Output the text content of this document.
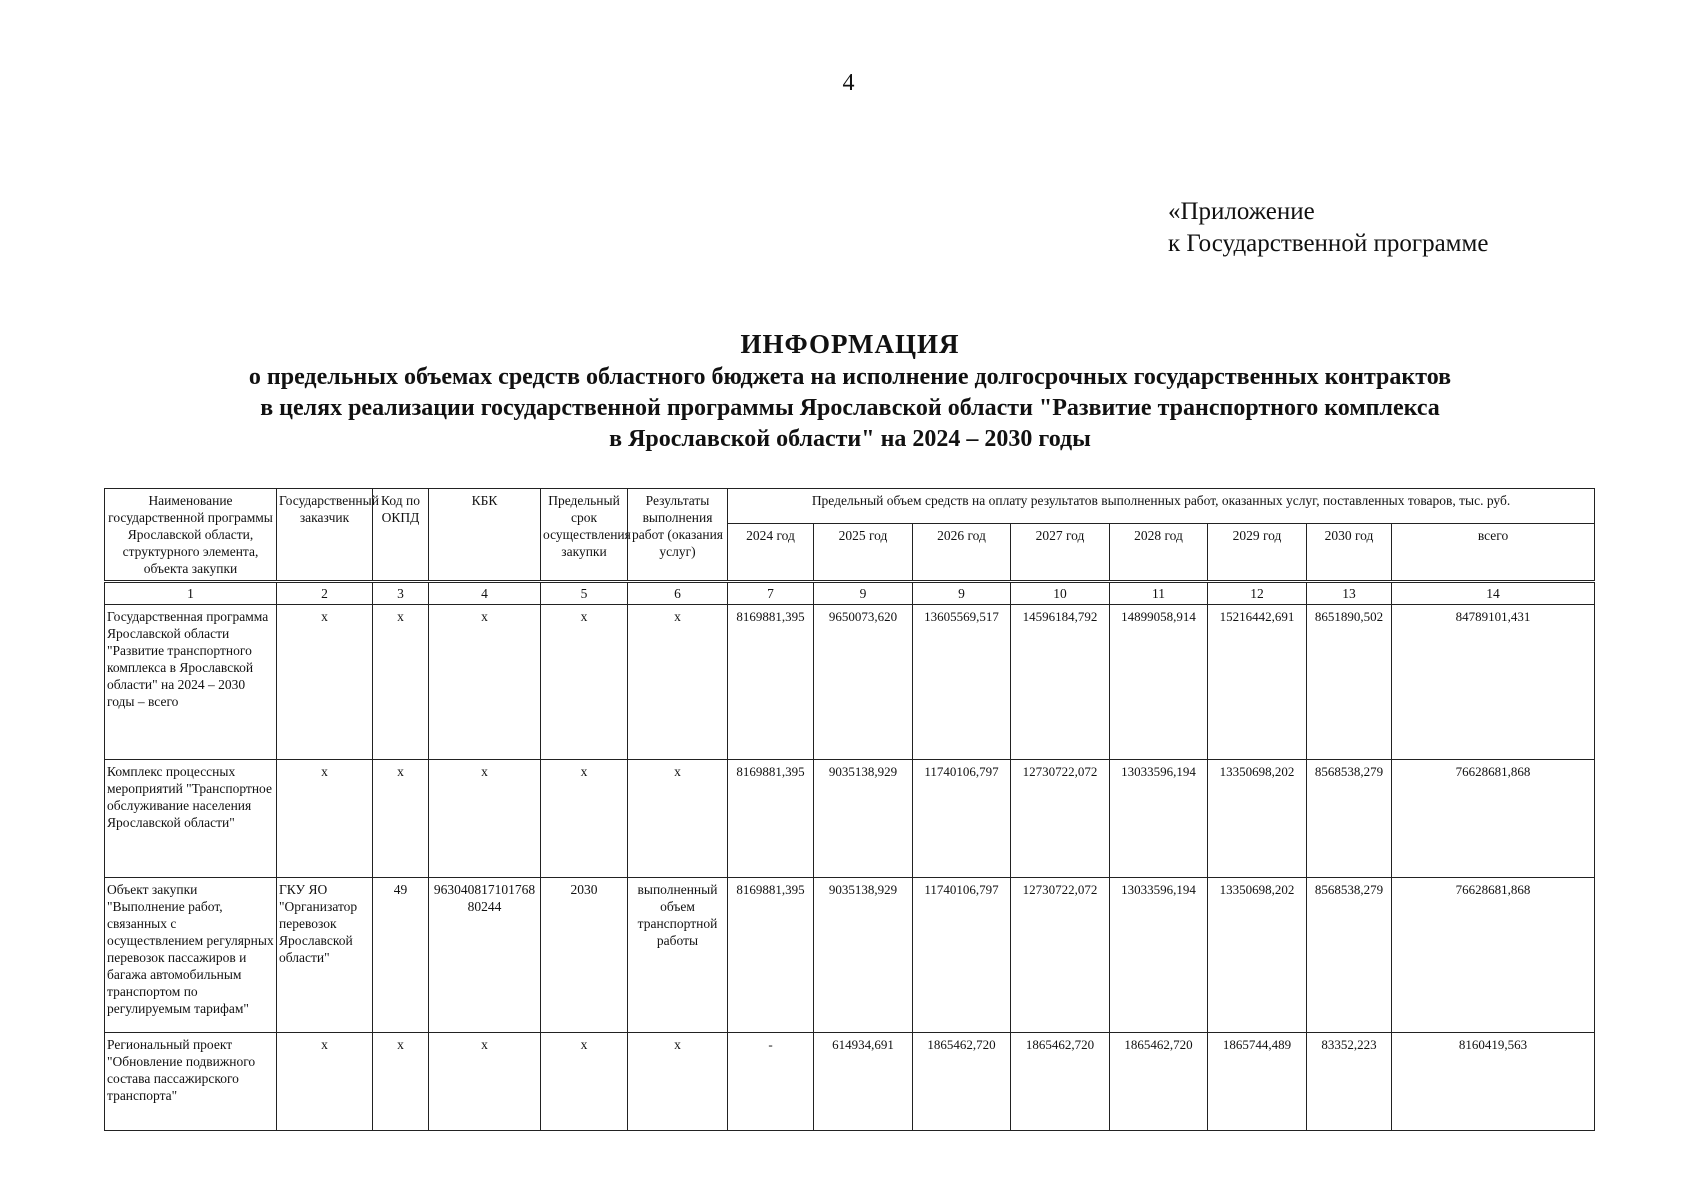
4
«Приложение
к Государственной программе
ИНФОРМАЦИЯ
о предельных объемах средств областного бюджета на исполнение долгосрочных государственных контрактов
в целях реализации государственной программы Ярославской области "Развитие транспортного комплекса
в Ярославской области" на 2024 – 2030 годы
Наименование государственной программы Ярославской области, структурного элемента, объекта закупки	Государственный заказчик	Код по ОКПД	КБК	Предельный срок осуществления закупки	Результаты выполнения работ (оказания услуг)	Предельный объем средств на оплату результатов выполненных работ, оказанных услуг, поставленных товаров, тыс. руб.							
						2024 год	2025 год	2026 год	2027 год	2028 год	2029 год	2030 год	всего
1	2	3	4	5	6	7	9	9	10	11	12	13	14
Государственная программа Ярославской области "Развитие транспортного комплекса в Ярославской области" на 2024 – 2030 годы – всего	х	х	х	х	х	8169881,395	9650073,620	13605569,517	14596184,792	14899058,914	15216442,691	8651890,502	84789101,431
Комплекс процессных мероприятий "Транспортное обслуживание населения Ярославской области"	х	х	х	х	х	8169881,395	9035138,929	11740106,797	12730722,072	13033596,194	13350698,202	8568538,279	76628681,868
Объект закупки "Выполнение работ, связанных с осуществлением регулярных перевозок пассажиров и багажа автомобильным транспортом по регулируемым тарифам"	ГКУ ЯО "Организатор перевозок Ярославской области"	49	96304081710176880244	2030	выполненный объем транспортной работы	8169881,395	9035138,929	11740106,797	12730722,072	13033596,194	13350698,202	8568538,279	76628681,868
Региональный проект "Обновление подвижного состава пассажирского транспорта"	х	х	х	х	х	-	614934,691	1865462,720	1865462,720	1865462,720	1865744,489	83352,223	8160419,563
